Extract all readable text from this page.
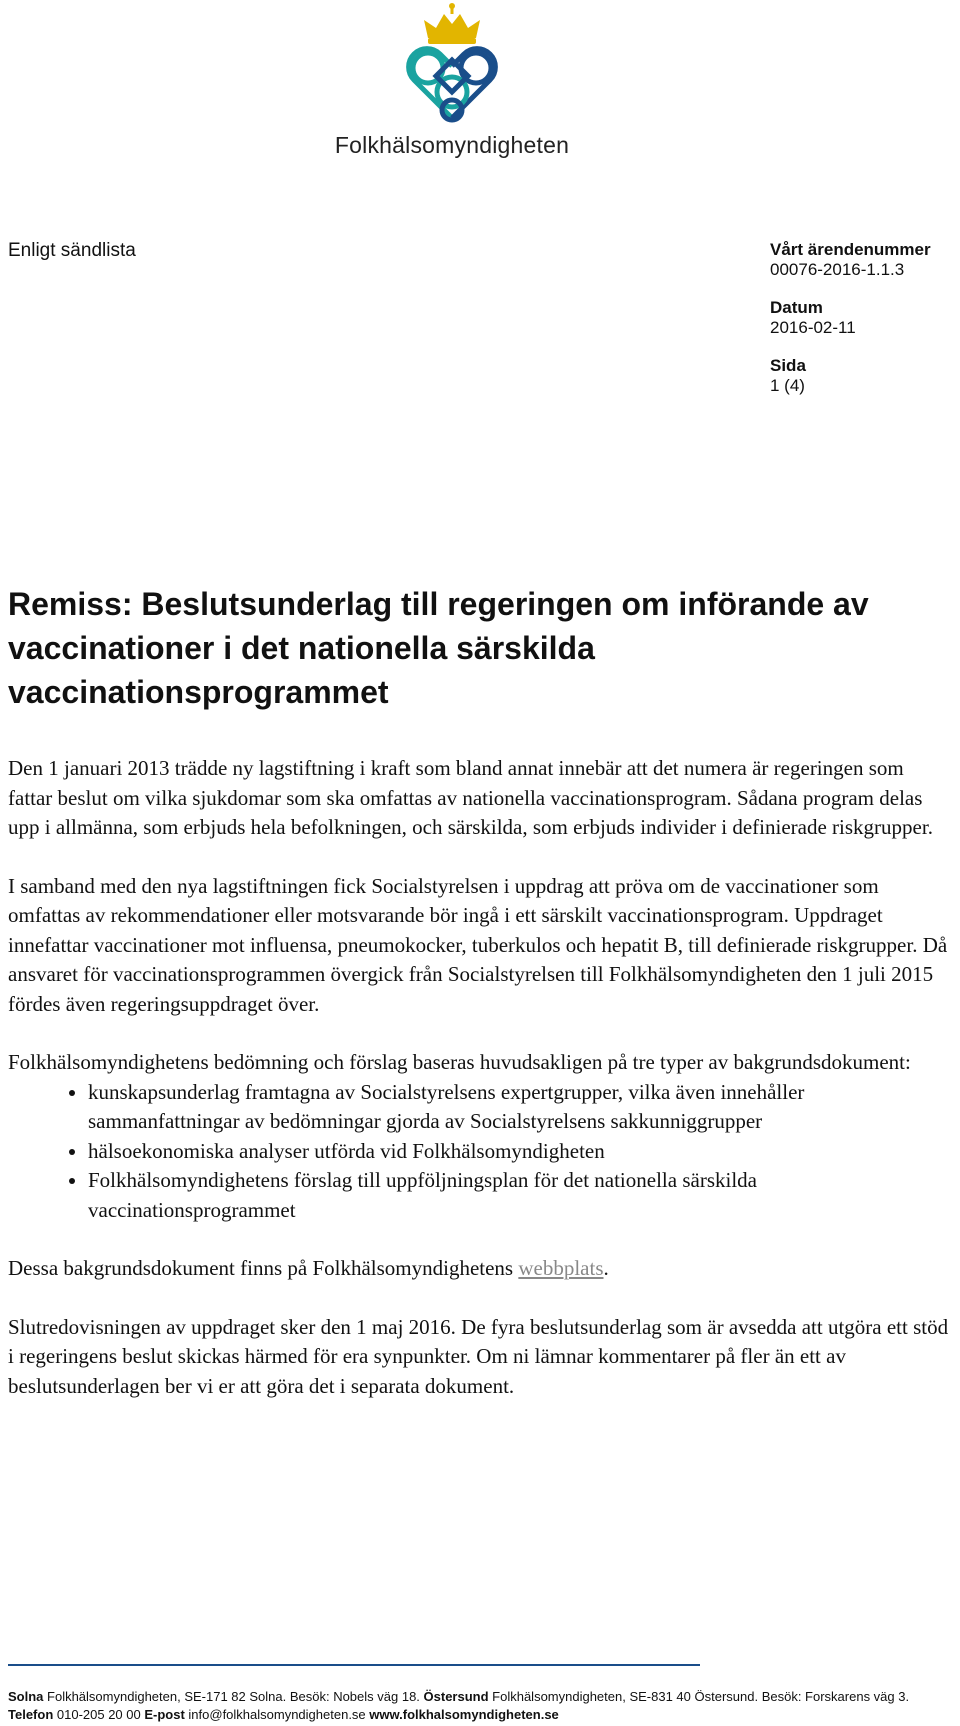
Folkhälsomyndigheten
Enligt sändlista	Vårt ärendenummer
00076-2016-1.1.3
Datum
2016-02-11
Sida
1 (4)
Remiss: Beslutsunderlag till regeringen om införande av vaccinationer i det nationella särskilda vaccinationsprogrammet

Den 1 januari 2013 trädde ny lagstiftning i kraft som bland annat innebär att det numera är regeringen som fattar beslut om vilka sjukdomar som ska omfattas av nationella vaccinationsprogram. Sådana program delas upp i allmänna, som erbjuds hela befolkningen, och särskilda, som erbjuds individer i definierade riskgrupper.

I samband med den nya lagstiftningen fick Socialstyrelsen i uppdrag att pröva om de vaccinationer som omfattas av rekommendationer eller motsvarande bör ingå i ett särskilt vaccinationsprogram. Uppdraget innefattar vaccinationer mot influensa, pneumokocker, tuberkulos och hepatit B, till definierade riskgrupper. Då ansvaret för vaccinationsprogrammen övergick från Socialstyrelsen till Folkhälsomyndigheten den 1 juli 2015 fördes även regeringsuppdraget över.

Folkhälsomyndighetens bedömning och förslag baseras huvudsakligen på tre typer av bakgrundsdokument:

• kunskapsunderlag framtagna av Socialstyrelsens expertgrupper, vilka även innehåller sammanfattningar av bedömningar gjorda av Socialstyrelsens sakkunniggrupper
• hälsoekonomiska analyser utförda vid Folkhälsomyndigheten
• Folkhälsomyndighetens förslag till uppföljningsplan för det nationella särskilda vaccinationsprogrammet

Dessa bakgrundsdokument finns på Folkhälsomyndighetens webbplats.

Slutredovisningen av uppdraget sker den 1 maj 2016. De fyra beslutsunderlag som är avsedda att utgöra ett stöd i regeringens beslut skickas härmed för era synpunkter. Om ni lämnar kommentarer på fler än ett av beslutsunderlagen ber vi er att göra det i separata dokument.

Solna Folkhälsomyndigheten, SE-171 82 Solna. Besök: Nobels väg 18. Östersund Folkhälsomyndigheten, SE-831 40 Östersund. Besök: Forskarens väg 3.
Telefon 010-205 20 00 E-post info@folkhalsomyndigheten.se www.folkhalsomyndigheten.se
